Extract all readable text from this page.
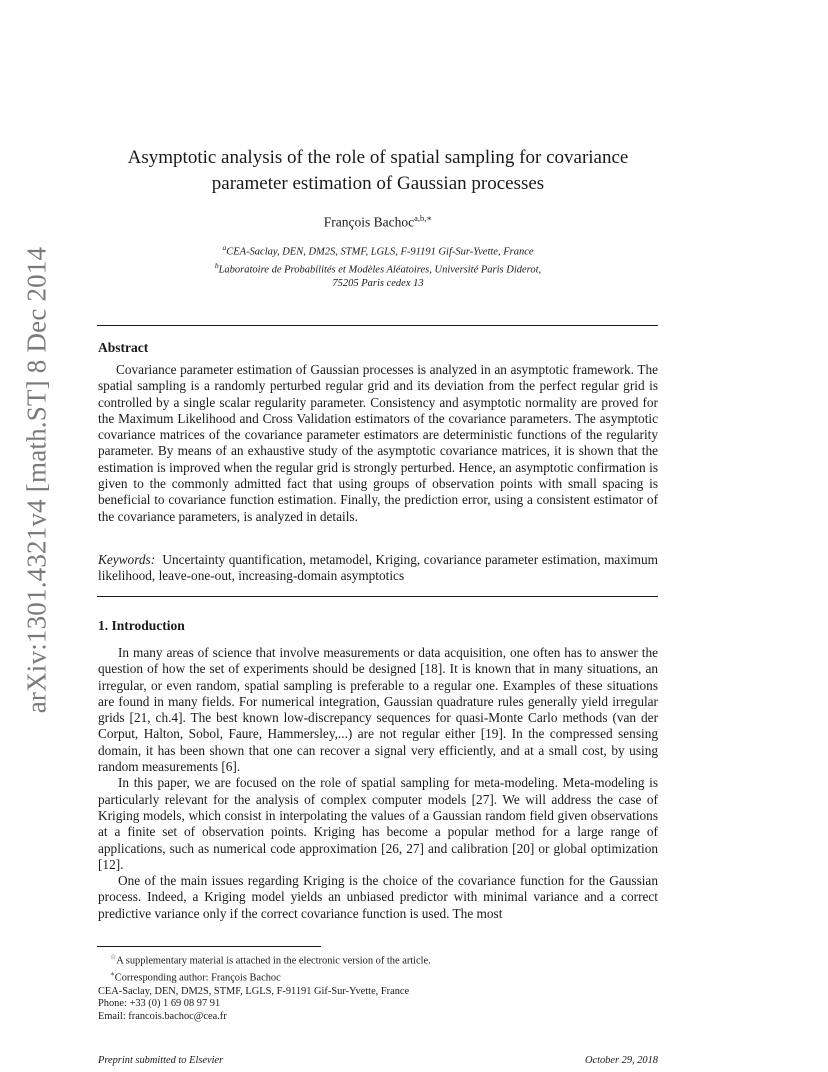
arXiv:1301.4321v4 [math.ST] 8 Dec 2014
Asymptotic analysis of the role of spatial sampling for covariance parameter estimation of Gaussian processes
François Bachoc$^{a,b,∗}$
$^a$CEA-Saclay, DEN, DM2S, STMF, LGLS, F-91191 Gif-Sur-Yvette, France
$^b$Laboratoire de Probabilités et Modèles Aléatoires, Université Paris Diderot,
75205 Paris cedex 13
Abstract
Covariance parameter estimation of Gaussian processes is analyzed in an asymptotic framework. The spatial sampling is a randomly perturbed regular grid and its deviation from the perfect regular grid is controlled by a single scalar regularity parameter. Consistency and asymptotic normality are proved for the Maximum Likelihood and Cross Validation estimators of the covariance parameters. The asymptotic covariance matrices of the covariance parameter estimators are deterministic functions of the regularity parameter. By means of an exhaustive study of the asymptotic covariance matrices, it is shown that the estimation is improved when the regular grid is strongly perturbed. Hence, an asymptotic confirmation is given to the commonly admitted fact that using groups of observation points with small spacing is beneficial to covariance function estimation. Finally, the prediction error, using a consistent estimator of the covariance parameters, is analyzed in details.
Keywords: Uncertainty quantification, metamodel, Kriging, covariance parameter estimation, maximum likelihood, leave-one-out, increasing-domain asymptotics
1. Introduction

In many areas of science that involve measurements or data acquisition, one often has to answer the question of how the set of experiments should be designed [18]. It is known that in many situations, an irregular, or even random, spatial sampling is preferable to a regular one. Examples of these situations are found in many fields. For numerical integration, Gaussian quadrature rules generally yield irregular grids [21, ch.4]. The best known low-discrepancy sequences for quasi-Monte Carlo methods (van der Corput, Halton, Sobol, Faure, Hammersley,...) are not regular either [19]. In the compressed sensing domain, it has been shown that one can recover a signal very efficiently, and at a small cost, by using random measurements [6].

In this paper, we are focused on the role of spatial sampling for meta-modeling. Meta-modeling is particularly relevant for the analysis of complex computer models [27]. We will address the case of Kriging models, which consist in interpolating the values of a Gaussian random field given observations at a finite set of observation points. Kriging has become a popular method for a large range of applications, such as numerical code approximation [26, 27] and calibration [20] or global optimization [12].

One of the main issues regarding Kriging is the choice of the covariance function for the Gaussian process. Indeed, a Kriging model yields an unbiased predictor with minimal variance and a correct predictive variance only if the correct covariance function is used. The most

☆A supplementary material is attached in the electronic version of the article.
∗Corresponding author: François Bachoc
CEA-Saclay, DEN, DM2S, STMF, LGLS, F-91191 Gif-Sur-Yvette, France
Phone: +33 (0) 1 69 08 97 91
Email: francois.bachoc@cea.fr
Preprint submitted to Elsevier	October 29, 2018
